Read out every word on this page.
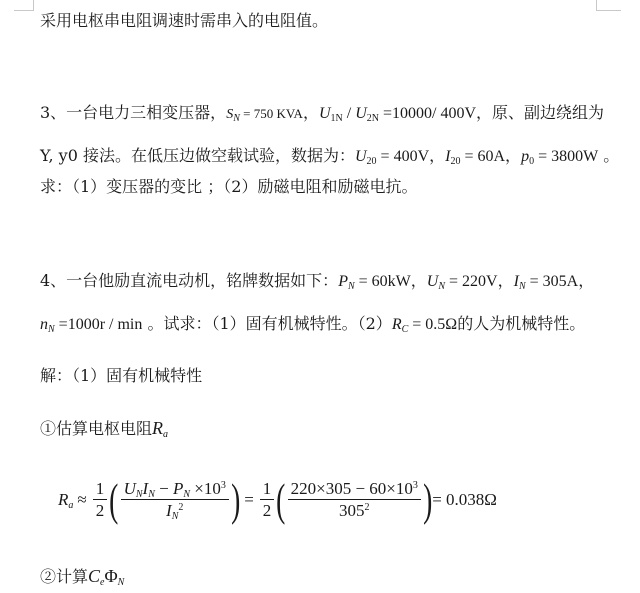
采用电枢串电阻调速时需串入的电阻值。
3、一台电力三相变压器，$S_N = 750$ KVA，$U_{1N} / U_{2N} =10000/$ 400V，原、副边绕组为
Y, y0 接法。在低压边做空载试验，数据为：$U_{20} = 400V$，$I_{20} = 60A$，$p_0 = 3800W$ 。
求：（1）变压器的变比 ；（2）励磁电阻和励磁电抗。
4、一台他励直流电动机，铭牌数据如下：$P_N = 60kW$，$U_N = 220V$，$I_N = 305A$，
$n_N =1000r / \min$ 。试求：（1）固有机械特性。$(2)R_C = 0.5\Omega$的人为机械特性。
解：（1）固有机械特性
①估算电枢电阻$R_a$
$R_a \approx \frac{1}{2}$ ( $\frac{U_NI_N - P_N \times 10^3}{I_N^2}$ ) = $\frac{1}{2}$ ( $\frac{220\times 305 - 60\times 10^3}{305^2}$ ) = 0.038Ω
②计算$C_e\Phi_N$
